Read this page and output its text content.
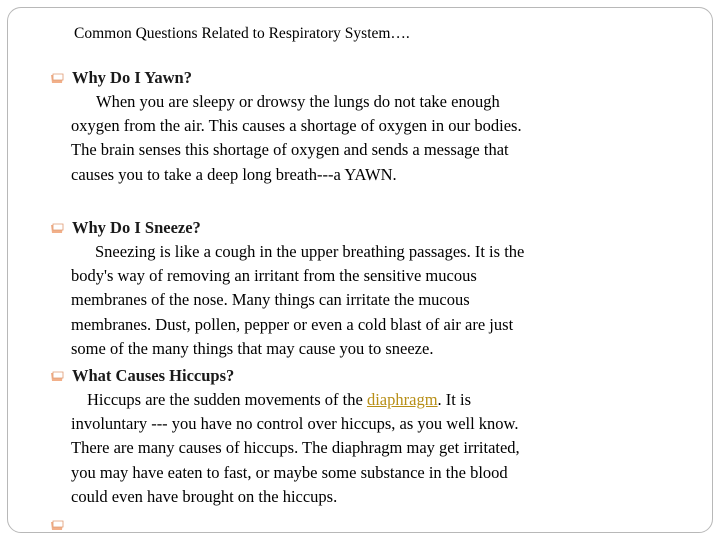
Common Questions Related to Respiratory System….
Why Do I Yawn?
When you are sleepy or drowsy the lungs do not take enough
oxygen from the air. This causes a shortage of oxygen in our bodies.
The brain senses this shortage of oxygen and sends a message that
causes you to take a deep long breath---a YAWN.
Why Do I Sneeze?
Sneezing is like a cough in the upper breathing passages. It is the
body's way of removing an irritant from the sensitive mucous
membranes of the nose. Many things can irritate the mucous
membranes. Dust, pollen, pepper or even a cold blast of air are just
some of the many things that may cause you to sneeze.
What Causes Hiccups?
Hiccups are the sudden movements of the diaphragm. It is
involuntary --- you have no control over hiccups, as you well know.
There are many causes of hiccups. The diaphragm may get irritated,
you may have eaten to fast, or maybe some substance in the blood
could even have brought on the hiccups.
